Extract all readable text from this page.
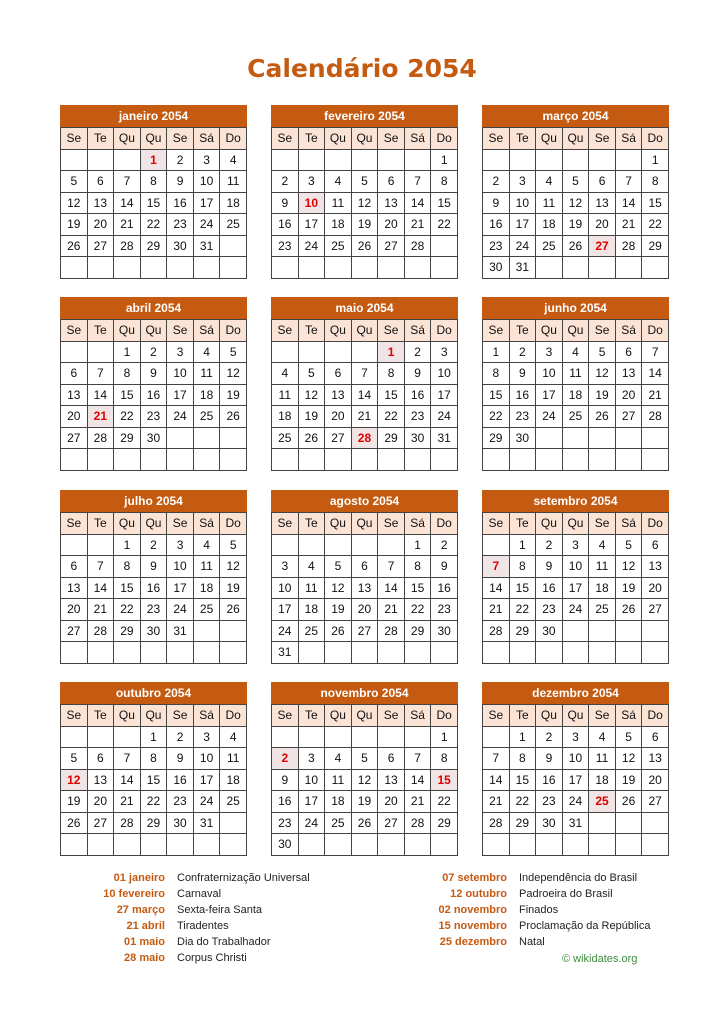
Calendário 2054
janeiro 2054
Se	Te	Qu	Qu	Se	Sá	Do
			1	2	3	4
5	6	7	8	9	10	11
12	13	14	15	16	17	18
19	20	21	22	23	24	25
26	27	28	29	30	31	

fevereiro 2054
Se	Te	Qu	Qu	Se	Sá	Do
						1
2	3	4	5	6	7	8
9	10	11	12	13	14	15
16	17	18	19	20	21	22
23	24	25	26	27	28	

março 2054
Se	Te	Qu	Qu	Se	Sá	Do
						1
2	3	4	5	6	7	8
9	10	11	12	13	14	15
16	17	18	19	20	21	22
23	24	25	26	27	28	29
30	31					
abril 2054
Se	Te	Qu	Qu	Se	Sá	Do
		1	2	3	4	5
6	7	8	9	10	11	12
13	14	15	16	17	18	19
20	21	22	23	24	25	26
27	28	29	30			

maio 2054
Se	Te	Qu	Qu	Se	Sá	Do
				1	2	3
4	5	6	7	8	9	10
11	12	13	14	15	16	17
18	19	20	21	22	23	24
25	26	27	28	29	30	31

junho 2054
Se	Te	Qu	Qu	Se	Sá	Do
1	2	3	4	5	6	7
8	9	10	11	12	13	14
15	16	17	18	19	20	21
22	23	24	25	26	27	28
29	30					

julho 2054
Se	Te	Qu	Qu	Se	Sá	Do
		1	2	3	4	5
6	7	8	9	10	11	12
13	14	15	16	17	18	19
20	21	22	23	24	25	26
27	28	29	30	31		

agosto 2054
Se	Te	Qu	Qu	Se	Sá	Do
					1	2
3	4	5	6	7	8	9
10	11	12	13	14	15	16
17	18	19	20	21	22	23
24	25	26	27	28	29	30
31						
setembro 2054
Se	Te	Qu	Qu	Se	Sá	Do
	1	2	3	4	5	6
7	8	9	10	11	12	13
14	15	16	17	18	19	20
21	22	23	24	25	26	27
28	29	30				

outubro 2054
Se	Te	Qu	Qu	Se	Sá	Do
			1	2	3	4
5	6	7	8	9	10	11
12	13	14	15	16	17	18
19	20	21	22	23	24	25
26	27	28	29	30	31	

novembro 2054
Se	Te	Qu	Qu	Se	Sá	Do
						1
2	3	4	5	6	7	8
9	10	11	12	13	14	15
16	17	18	19	20	21	22
23	24	25	26	27	28	29
30						
dezembro 2054
Se	Te	Qu	Qu	Se	Sá	Do
	1	2	3	4	5	6
7	8	9	10	11	12	13
14	15	16	17	18	19	20
21	22	23	24	25	26	27
28	29	30	31			

01 janeiro	Confraternização Universal
10 fevereiro	Carnaval
27 março	Sexta-feira Santa
21 abril	Tiradentes
01 maio	Dia do Trabalhador
28 maio	Corpus Christi
07 setembro	Independência do Brasil
12 outubro	Padroeira do Brasil
02 novembro	Finados
15 novembro	Proclamação da República
25 dezembro	Natal
© wikidates.org
